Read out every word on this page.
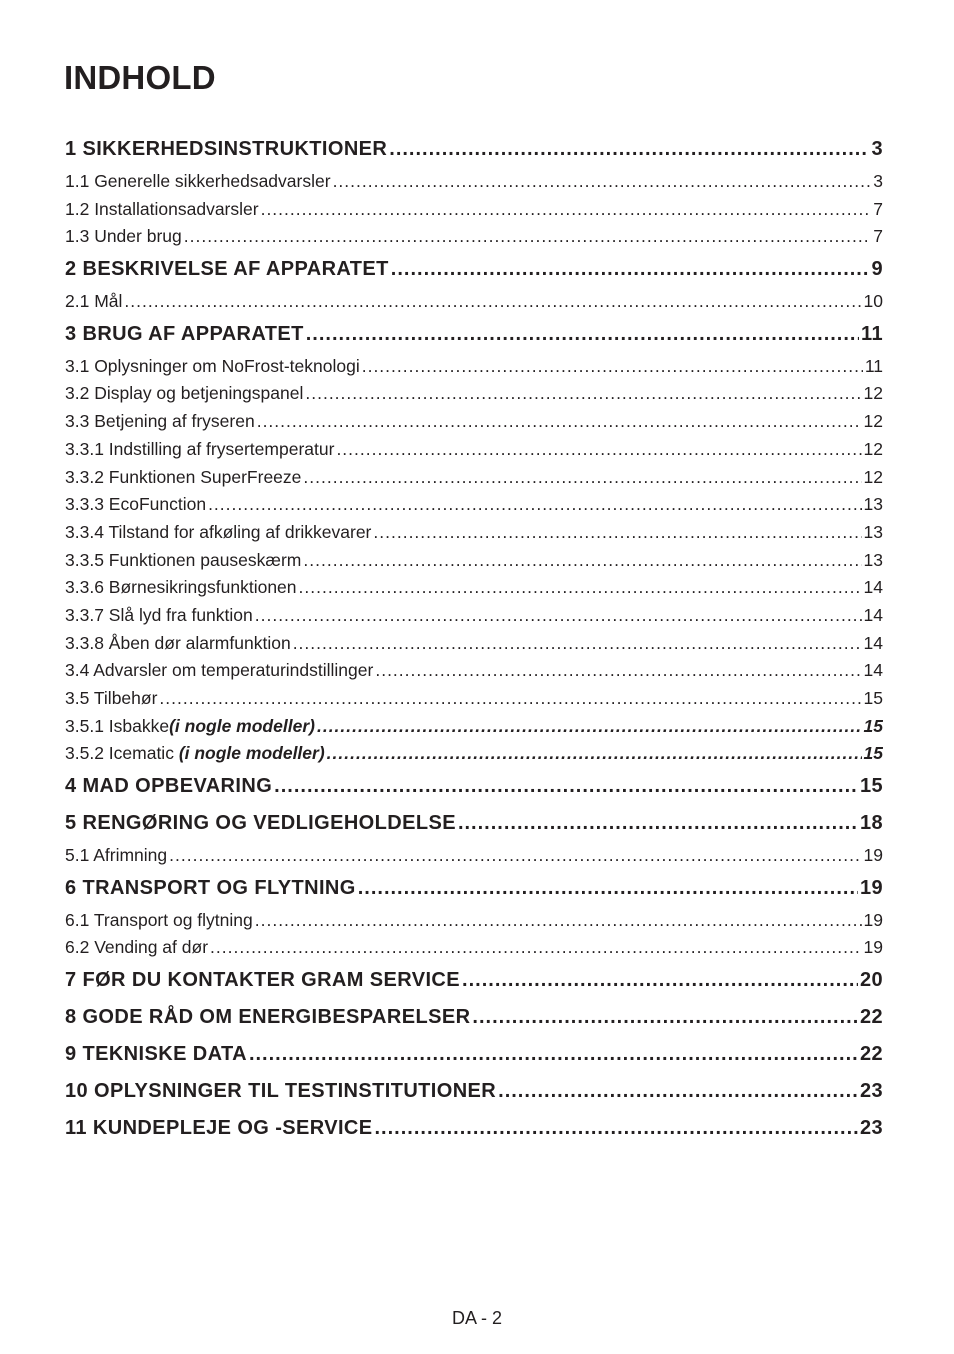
INDHOLD
1 SIKKERHEDSINSTRUKTIONER .....	3
1.1 Generelle sikkerhedsadvarsler .....	3
1.2 Installationsadvarsler .....	7
1.3 Under brug .....	7
2 BESKRIVELSE AF APPARATET .....	9
2.1 Mål .....	10
3 BRUG AF APPARATET .....	11
3.1 Oplysninger om NoFrost-teknologi .....	11
3.2 Display og betjeningspanel .....	12
3.3 Betjening af fryseren .....	12
3.3.1 Indstilling af frysertemperatur .....	12
3.3.2 Funktionen SuperFreeze .....	12
3.3.3 EcoFunction .....	13
3.3.4 Tilstand for afkøling af drikkevarer .....	13
3.3.5 Funktionen pauseskærm .....	13
3.3.6 Børnesikringsfunktionen .....	14
3.3.7 Slå lyd fra funktion .....	14
3.3.8 Åben dør alarmfunktion .....	14
3.4 Advarsler om temperaturindstillinger .....	14
3.5 Tilbehør .....	15
3.5.1 Isbakke(i nogle modeller) .....	15
3.5.2 Icematic (i nogle modeller) .....	15
4 MAD OPBEVARING .....	15
5 RENGØRING OG VEDLIGEHOLDELSE .....	18
5.1 Afrimning .....	19
6 TRANSPORT OG FLYTNING .....	19
6.1 Transport og flytning .....	19
6.2 Vending af dør .....	19
7 FØR DU KONTAKTER GRAM SERVICE .....	20
8 GODE RÅD OM ENERGIBESPARELSER .....	22
9 TEKNISKE DATA .....	22
10 OPLYSNINGER TIL TESTINSTITUTIONER .....	23
11 KUNDEPLEJE OG -SERVICE .....	23
DA - 2
